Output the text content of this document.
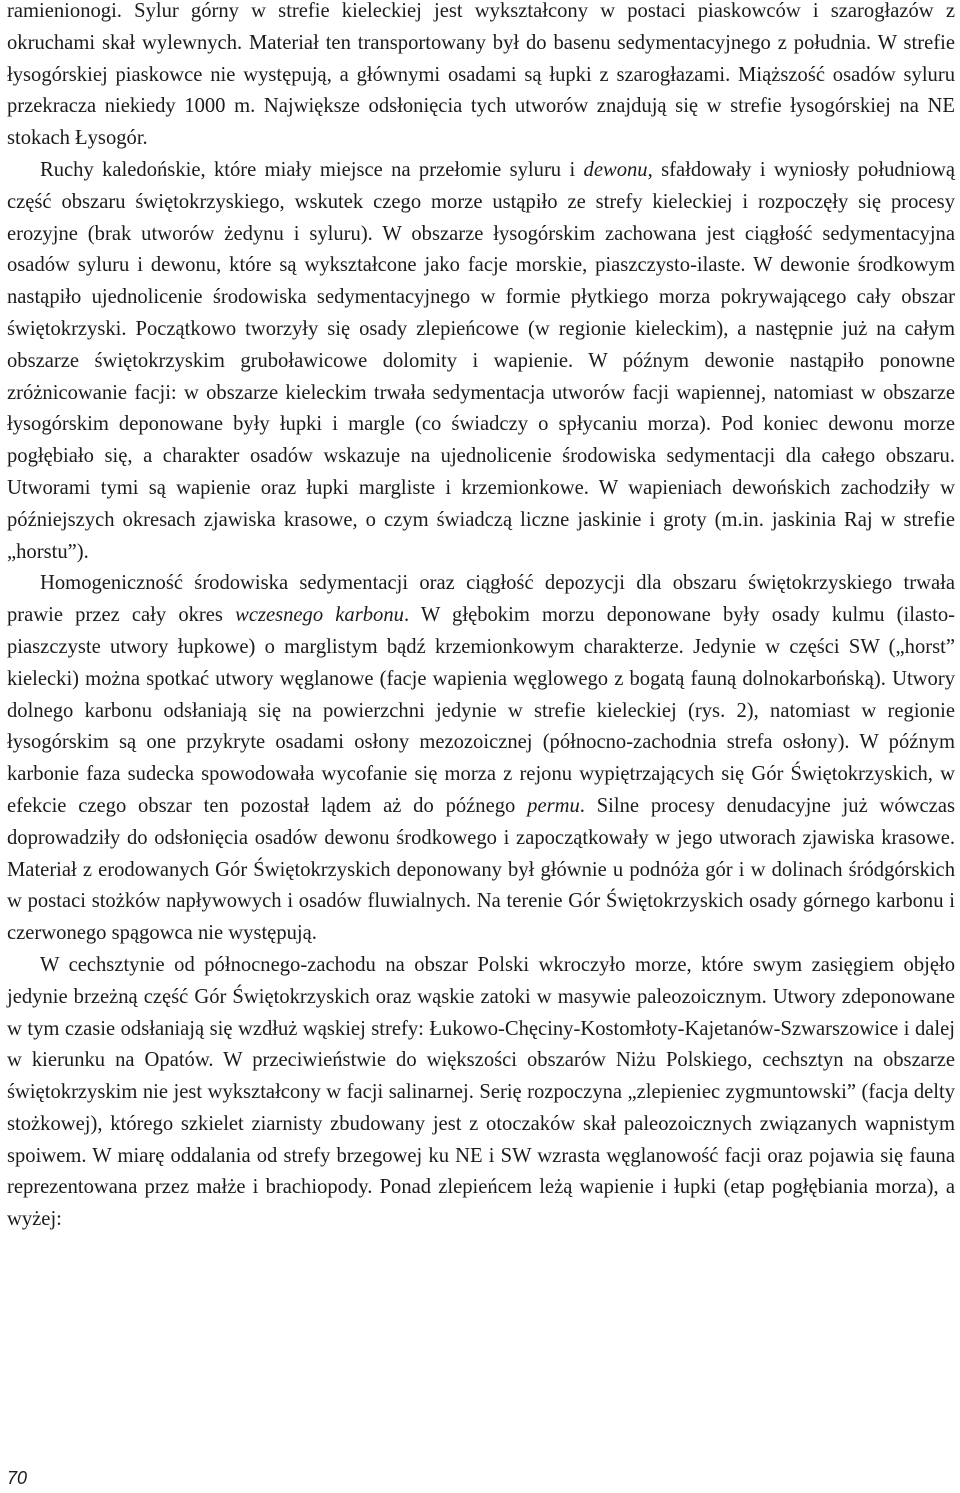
ramienionogi. Sylur górny w strefie kieleckiej jest wykształcony w postaci piaskowców i szarogłazów z okruchami skał wylewnych. Materiał ten transportowany był do basenu sedymentacyjnego z południa. W strefie łysogórskiej piaskowce nie występują, a głównymi osadami są łupki z szarogłazami. Miąższość osadów syluru przekracza niekiedy 1000 m. Największe odsłonięcia tych utworów znajdują się w strefie łysogórskiej na NE stokach Łysogór.

Ruchy kaledońskie, które miały miejsce na przełomie syluru i dewonu, sfałdowały i wyniosły południową część obszaru świętokrzyskiego, wskutek czego morze ustąpiło ze strefy kieleckiej i rozpoczęły się procesy erozyjne (brak utworów żedynu i syluru). W obszarze łysogórskim zachowana jest ciągłość sedymentacyjna osadów syluru i dewonu, które są wykształcone jako facje morskie, piaszczysto-ilaste. W dewonie środkowym nastąpiło ujednolicenie środowiska sedymentacyjnego w formie płytkiego morza pokrywającego cały obszar świętokrzyski. Początkowo tworzyły się osady zlepieńcowe (w regionie kieleckim), a następnie już na całym obszarze świętokrzyskim gruboławicowe dolomity i wapienie. W późnym dewonie nastąpiło ponowne zróżnicowanie facji: w obszarze kieleckim trwała sedymentacja utworów facji wapiennej, natomiast w obszarze łysogórskim deponowane były łupki i margle (co świadczy o spłycaniu morza). Pod koniec dewonu morze pogłębiało się, a charakter osadów wskazuje na ujednolicenie środowiska sedymentacji dla całego obszaru. Utworami tymi są wapienie oraz łupki margliste i krzemionkowe. W wapieniach dewońskich zachodziły w późniejszych okresach zjawiska krasowe, o czym świadczą liczne jaskinie i groty (m.in. jaskinia Raj w strefie „horstu”).

Homogeniczność środowiska sedymentacji oraz ciągłość depozycji dla obszaru świętokrzyskiego trwała prawie przez cały okres wczesnego karbonu. W głębokim morzu deponowane były osady kulmu (ilasto-piaszczyste utwory łupkowe) o marglistym bądź krzemionkowym charakterze. Jedynie w części SW („horst” kielecki) można spotkać utwory węglanowe (facje wapienia węglowego z bogatą fauną dolnokarbońską). Utwory dolnego karbonu odsłaniają się na powierzchni jedynie w strefie kieleckiej (rys. 2), natomiast w regionie łysogórskim są one przykryte osadami osłony mezozoicznej (północno-zachodnia strefa osłony). W późnym karbonie faza sudecka spowodowała wycofanie się morza z rejonu wypiętrzających się Gór Świętokrzyskich, w efekcie czego obszar ten pozostał lądem aż do późnego permu. Silne procesy denudacyjne już wówczas doprowadziły do odsłonięcia osadów dewonu środkowego i zapoczątkowały w jego utworach zjawiska krasowe. Materiał z erodowanych Gór Świętokrzyskich deponowany był głównie u podnóża gór i w dolinach śródgórskich w postaci stożków napływowych i osadów fluwialnych. Na terenie Gór Świętokrzyskich osady górnego karbonu i czerwonego spągowca nie występują.

W cechsztynie od północnego-zachodu na obszar Polski wkroczyło morze, które swym zasięgiem objęło jedynie brzeżną część Gór Świętokrzyskich oraz wąskie zatoki w masywie paleozoicznym. Utwory zdeponowane w tym czasie odsłaniają się wzdłuż wąskiej strefy: Łukowo-Chęciny-Kostomłoty-Kajetanów-Szwarszowice i dalej w kierunku na Opatów. W przeciwieństwie do większości obszarów Niżu Polskiego, cechsztyn na obszarze świętokrzyskim nie jest wykształcony w facji salinarnej. Serię rozpoczyna „zlepieniec zygmuntowski” (facja delty stożkowej), którego szkielet ziarnisty zbudowany jest z otoczaków skał paleozoicznych związanych wapnistym spoiwem. W miarę oddalania od strefy brzegowej ku NE i SW wzrasta węglanowość facji oraz pojawia się fauna reprezentowana przez małże i brachiopody. Ponad zlepieńcem leżą wapienie i łupki (etap pogłębiania morza), a wyżej:

70
